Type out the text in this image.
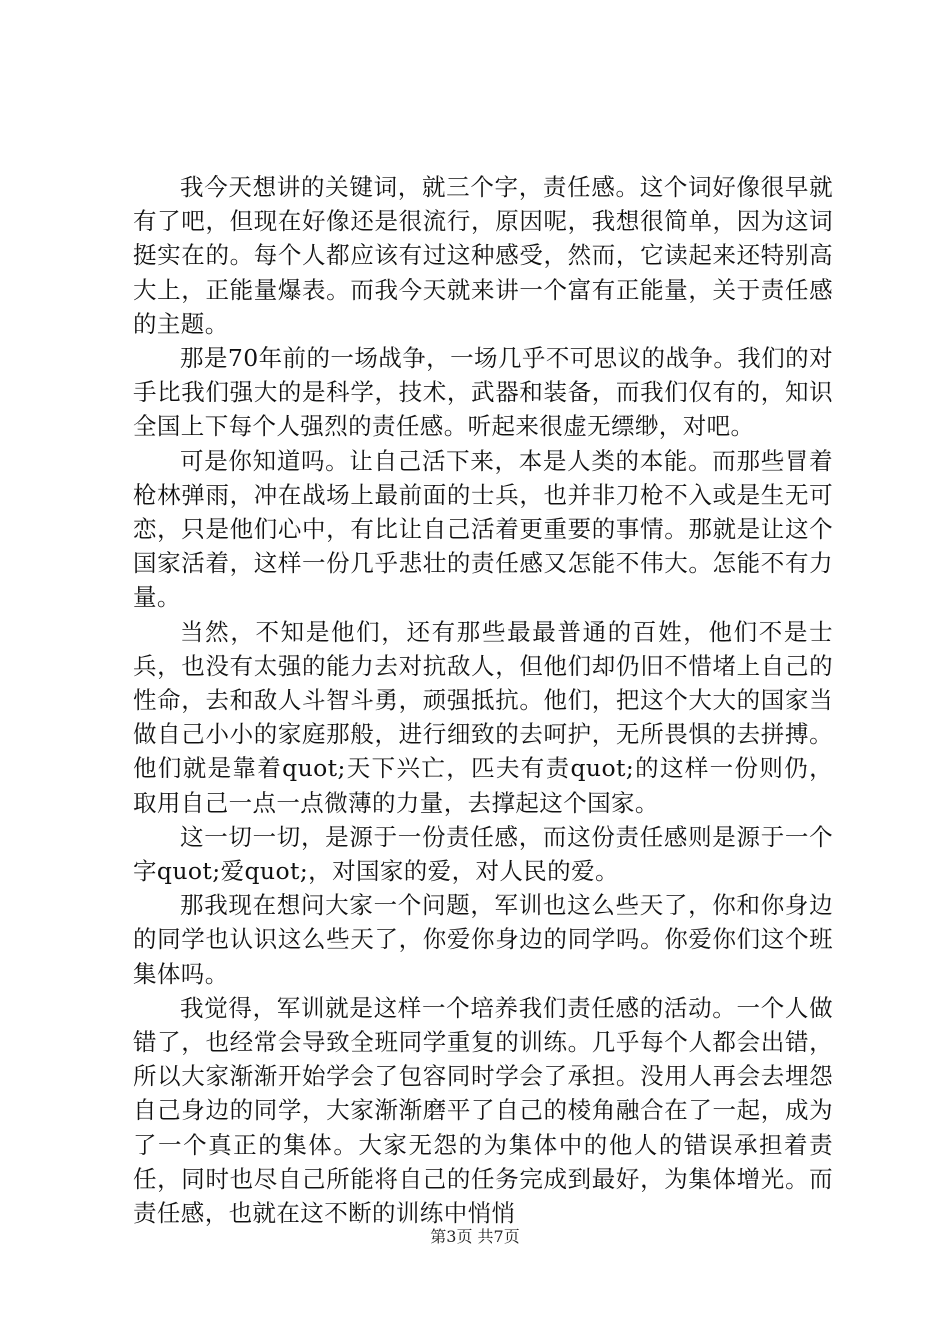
我今天想讲的关键词，就三个字，责任感。这个词好像很早就有了吧，但现在好像还是很流行，原因呢，我想很简单，因为这词挺实在的。每个人都应该有过这种感受，然而，它读起来还特别高大上，正能量爆表。而我今天就来讲一个富有正能量，关于责任感的主题。

那是70年前的一场战争，一场几乎不可思议的战争。我们的对手比我们强大的是科学，技术，武器和装备，而我们仅有的，知识全国上下每个人强烈的责任感。听起来很虚无缥缈，对吧。

可是你知道吗。让自己活下来，本是人类的本能。而那些冒着枪林弹雨，冲在战场上最前面的士兵，也并非刀枪不入或是生无可恋，只是他们心中，有比让自己活着更重要的事情。那就是让这个国家活着，这样一份几乎悲壮的责任感又怎能不伟大。怎能不有力量。

当然，不知是他们，还有那些最最普通的百姓，他们不是士兵，也没有太强的能力去对抗敌人，但他们却仍旧不惜堵上自己的性命，去和敌人斗智斗勇，顽强抵抗。他们，把这个大大的国家当做自己小小的家庭那般，进行细致的去呵护，无所畏惧的去拼搏。他们就是靠着quot;天下兴亡，匹夫有责quot;的这样一份则仍，取用自己一点一点微薄的力量，去撑起这个国家。

这一切一切，是源于一份责任感，而这份责任感则是源于一个字quot;爱quot;，对国家的爱，对人民的爱。

那我现在想问大家一个问题，军训也这么些天了，你和你身边的同学也认识这么些天了，你爱你身边的同学吗。你爱你们这个班集体吗。

我觉得，军训就是这样一个培养我们责任感的活动。一个人做错了，也经常会导致全班同学重复的训练。几乎每个人都会出错，所以大家渐渐开始学会了包容同时学会了承担。没用人再会去埋怨自己身边的同学，大家渐渐磨平了自己的棱角融合在了一起，成为了一个真正的集体。大家无怨的为集体中的他人的错误承担着责任，同时也尽自己所能将自己的任务完成到最好，为集体增光。而责任感，也就在这不断的训练中悄悄

第3页 共7页
